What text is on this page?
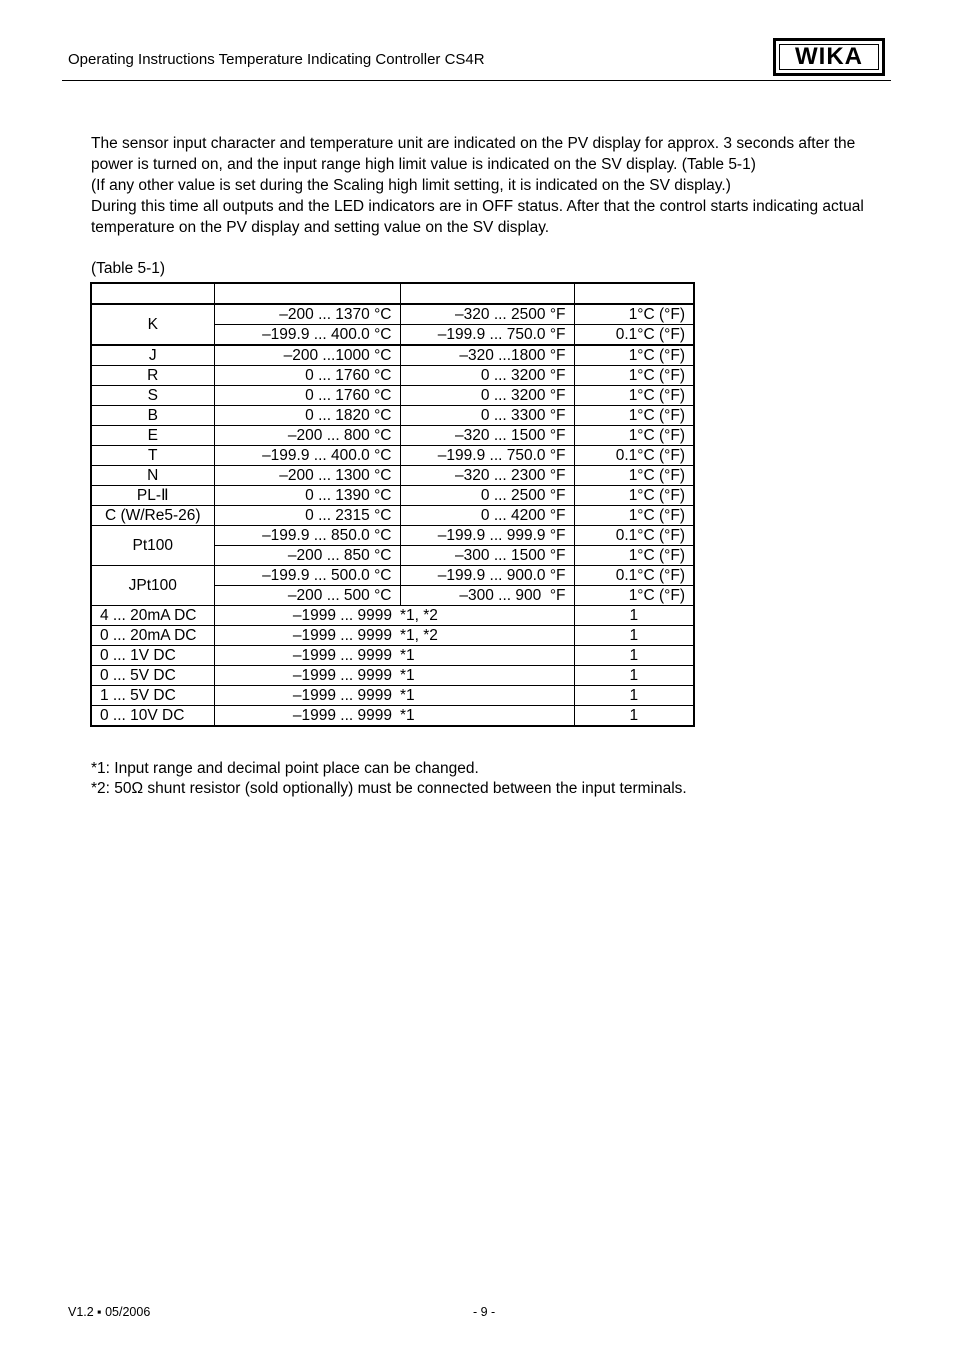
Operating Instructions Temperature Indicating Controller CS4R	WIKA

The sensor input character and temperature unit are indicated on the PV display for approx. 3 seconds after the power is turned on, and the input range high limit value is indicated on the SV display. (Table 5-1)

(If any other value is set during the Scaling high limit setting, it is indicated on the SV display.)

During this time all outputs and the LED indicators are in OFF status. After that the control starts indicating actual temperature on the PV display and setting value on the SV display.

(Table 5-1)

K	–200 ... 1370 °C	–320 ... 2500 °F	1°C (°F)
	–199.9 ... 400.0 °C	–199.9 ... 750.0 °F	0.1°C (°F)
J	–200 ...1000 °C	–320 ...1800 °F	1°C (°F)
R	0 ... 1760 °C	0 ... 3200 °F	1°C (°F)
S	0 ... 1760 °C	0 ... 3200 °F	1°C (°F)
B	0 ... 1820 °C	0 ... 3300 °F	1°C (°F)
E	–200 ... 800 °C	–320 ... 1500 °F	1°C (°F)
T	–199.9 ... 400.0 °C	–199.9 ... 750.0 °F	0.1°C (°F)
N	–200 ... 1300 °C	–320 ... 2300 °F	1°C (°F)
PL-Ⅱ	0 ... 1390 °C	0 ... 2500 °F	1°C (°F)
C (W/Re5-26)	0 ... 2315 °C	0 ... 4200 °F	1°C (°F)
Pt100	–199.9 ... 850.0 °C	–199.9 ... 999.9 °F	0.1°C (°F)
	–200 ... 850 °C	–300 ... 1500 °F	1°C (°F)
JPt100	–199.9 ... 500.0 °C	–199.9 ... 900.0 °F	0.1°C (°F)
	–200 ... 500 °C	–300 ... 900  °F	1°C (°F)
4 ... 20mA DC	–1999 ... 9999	*1, *2	1
0 ... 20mA DC	–1999 ... 9999	*1, *2	1
0 ... 1V DC	–1999 ... 9999	*1	1
0 ... 5V DC	–1999 ... 9999	*1	1
1 ... 5V DC	–1999 ... 9999	*1	1
0 ... 10V DC	–1999 ... 9999	*1	1

*1: Input range and decimal point place can be changed.

*2: 50Ω shunt resistor (sold optionally) must be connected between the input terminals.

V1.2 ▪ 05/2006	- 9 -
